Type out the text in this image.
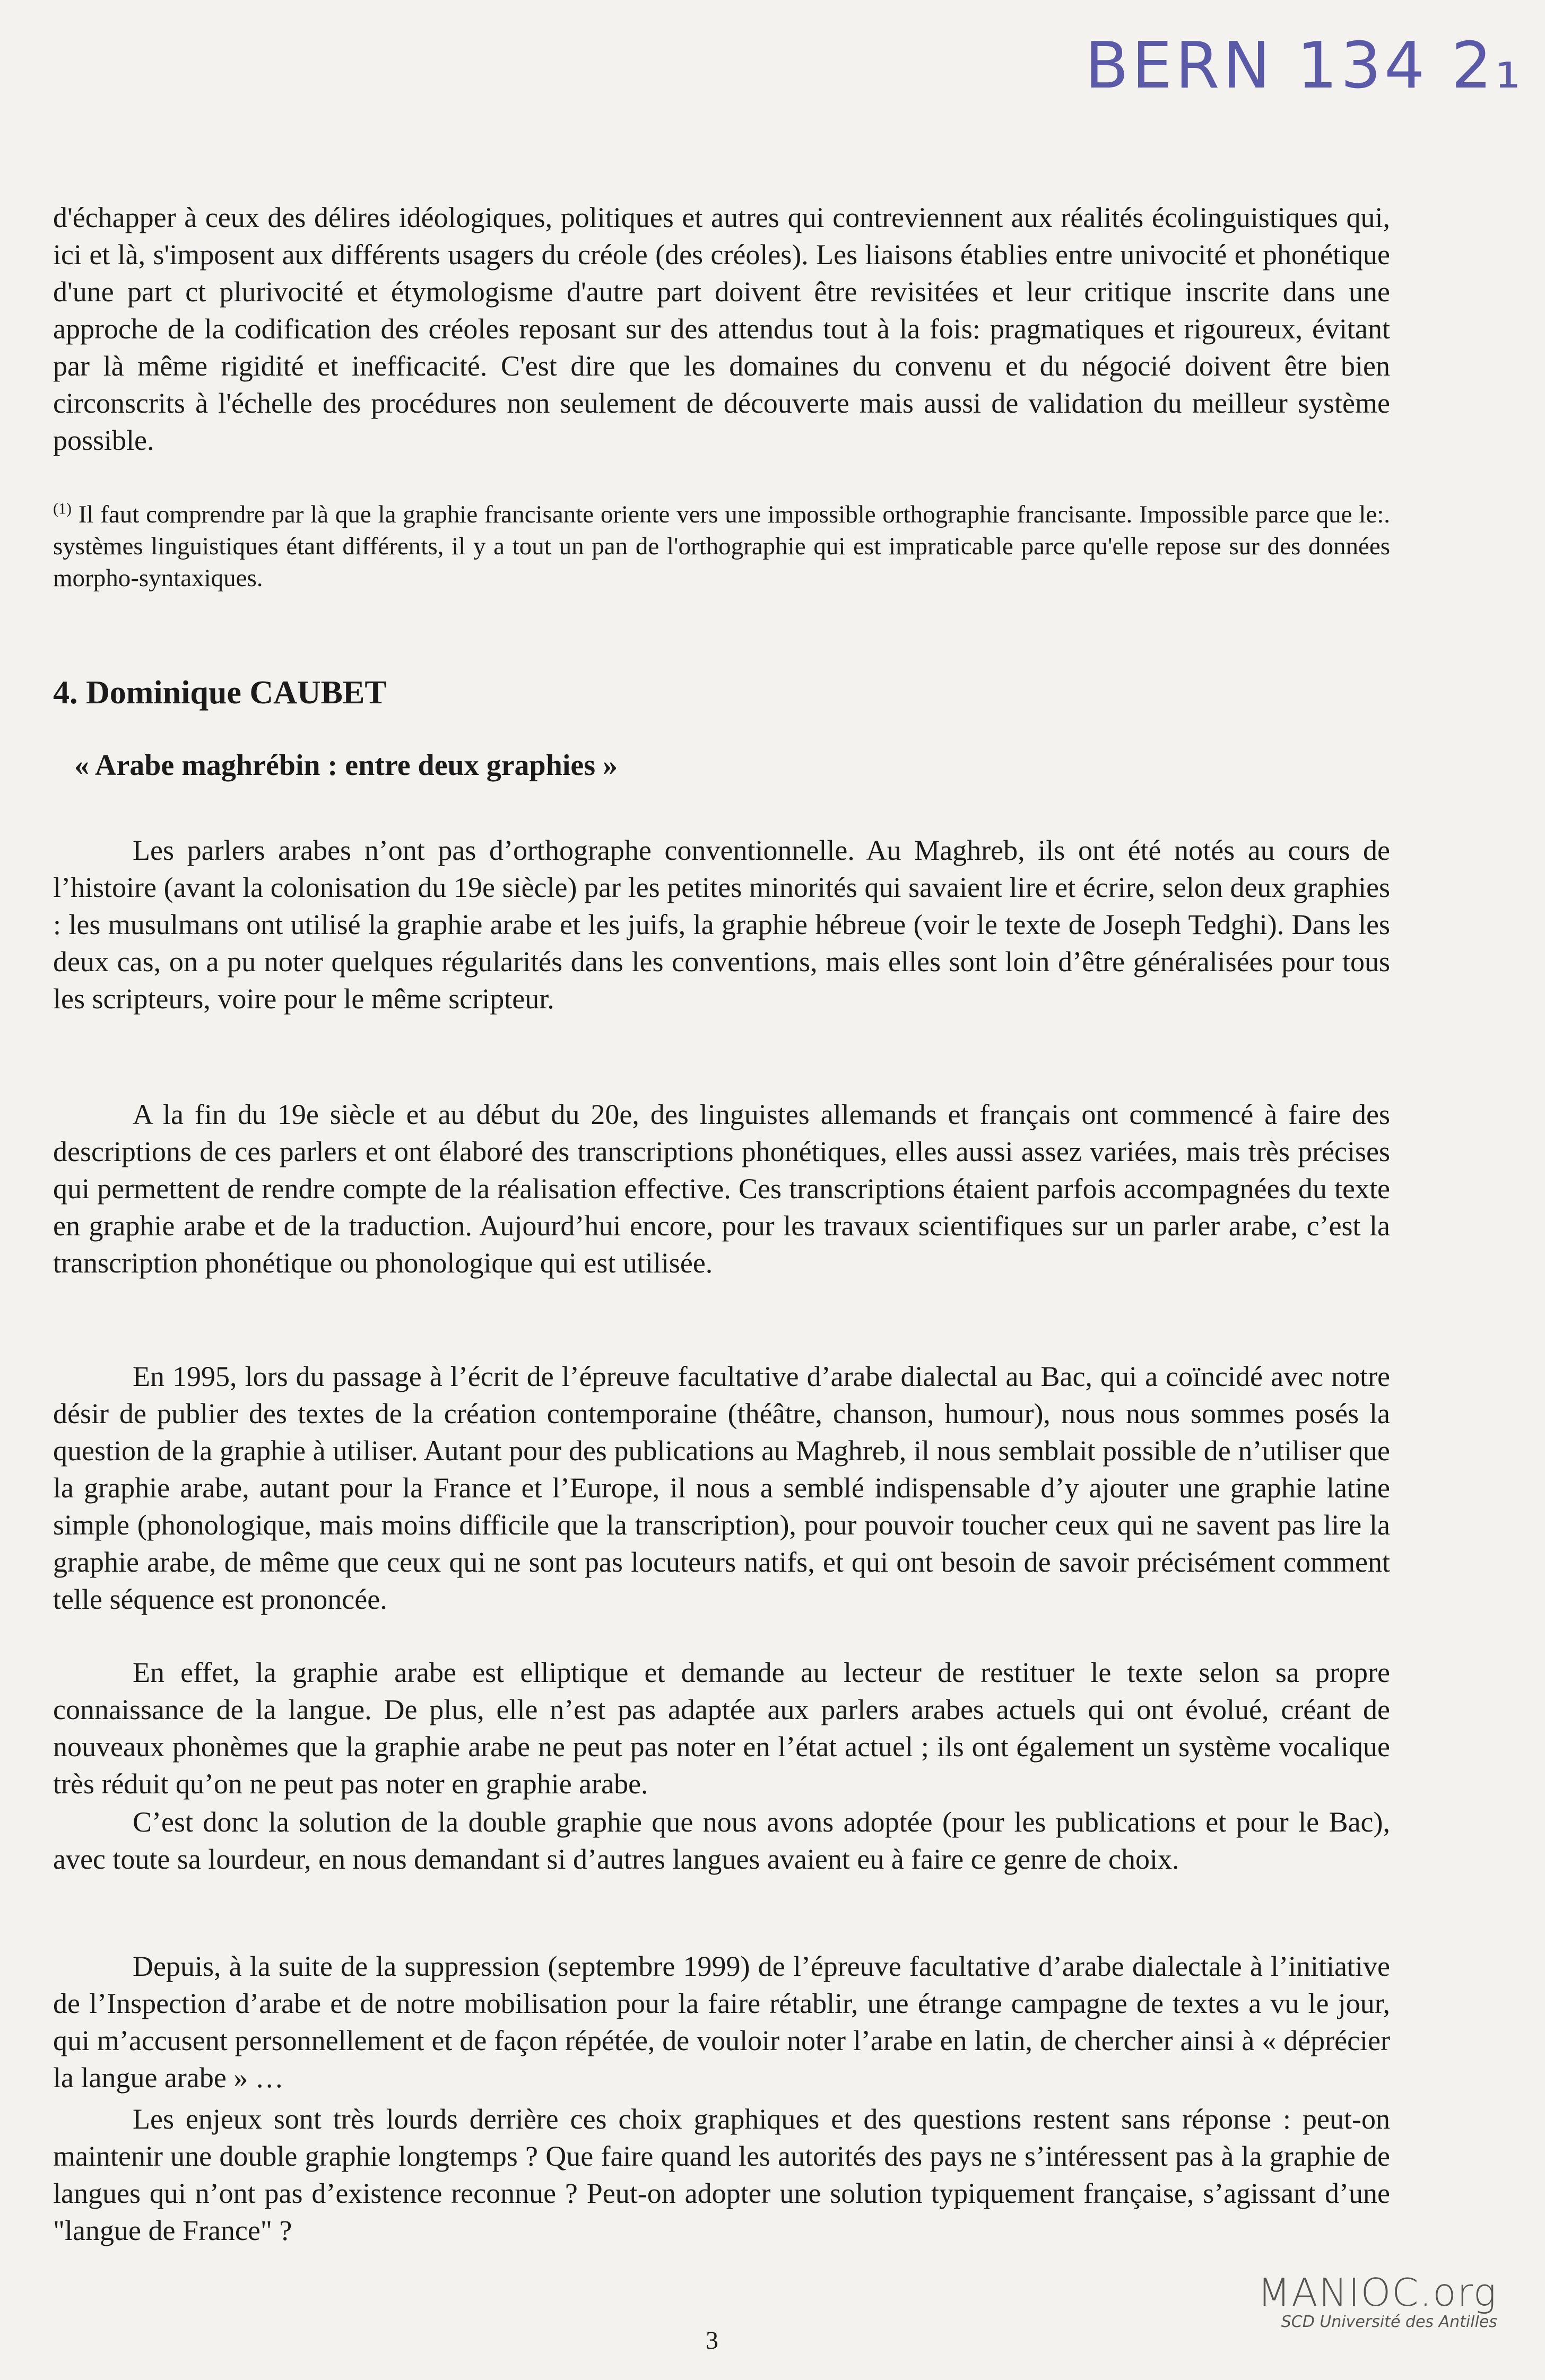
BERN 134 2₁

d'échapper à ceux des délires idéologiques, politiques et autres qui contreviennent aux réalités écolinguistiques qui, ici et là, s'imposent aux différents usagers du créole (des créoles). Les liaisons établies entre univocité et phonétique d'une part ct plurivocité et étymologisme d'autre part doivent être revisitées et leur critique inscrite dans une approche de la codification des créoles reposant sur des attendus tout à la fois: pragmatiques et rigoureux, évitant par là même rigidité et inefficacité. C'est dire que les domaines du convenu et du négocié doivent être bien circonscrits à l'échelle des procédures non seulement de découverte mais aussi de validation du meilleur système possible.

$^{(1)}$ Il faut comprendre par là que la graphie francisante oriente vers une impossible orthographie francisante. Impossible parce que le:. systèmes linguistiques étant différents, il y a tout un pan de l'orthographie qui est impraticable parce qu'elle repose sur des données morpho-syntaxiques.

4. Dominique CAUBET
« Arabe maghrébin : entre deux graphies »

Les parlers arabes n’ont pas d’orthographe conventionnelle. Au Maghreb, ils ont été notés au cours de l’histoire (avant la colonisation du 19e siècle) par les petites minorités qui savaient lire et écrire, selon deux graphies : les musulmans ont utilisé la graphie arabe et les juifs, la graphie hébreue (voir le texte de Joseph Tedghi). Dans les deux cas, on a pu noter quelques régularités dans les conventions, mais elles sont loin d’être généralisées pour tous les scripteurs, voire pour le même scripteur.

A la fin du 19e siècle et au début du 20e, des linguistes allemands et français ont commencé à faire des descriptions de ces parlers et ont élaboré des transcriptions phonétiques, elles aussi assez variées, mais très précises qui permettent de rendre compte de la réalisation effective. Ces transcriptions étaient parfois accompagnées du texte en graphie arabe et de la traduction. Aujourd’hui encore, pour les travaux scientifiques sur un parler arabe, c’est la transcription phonétique ou phonologique qui est utilisée.

En 1995, lors du passage à l’écrit de l’épreuve facultative d’arabe dialectal au Bac, qui a coïncidé avec notre désir de publier des textes de la création contemporaine (théâtre, chanson, humour), nous nous sommes posés la question de la graphie à utiliser. Autant pour des publications au Maghreb, il nous semblait possible de n’utiliser que la graphie arabe, autant pour la France et l’Europe, il nous a semblé indispensable d’y ajouter une graphie latine simple (phonologique, mais moins difficile que la transcription), pour pouvoir toucher ceux qui ne savent pas lire la graphie arabe, de même que ceux qui ne sont pas locuteurs natifs, et qui ont besoin de savoir précisément comment telle séquence est prononcée.

En effet, la graphie arabe est elliptique et demande au lecteur de restituer le texte selon sa propre connaissance de la langue. De plus, elle n’est pas adaptée aux parlers arabes actuels qui ont évolué, créant de nouveaux phonèmes que la graphie arabe ne peut pas noter en l’état actuel ; ils ont également un système vocalique très réduit qu’on ne peut pas noter en graphie arabe.

C’est donc la solution de la double graphie que nous avons adoptée (pour les publications et pour le Bac), avec toute sa lourdeur, en nous demandant si d’autres langues avaient eu à faire ce genre de choix.

Depuis, à la suite de la suppression (septembre 1999) de l’épreuve facultative d’arabe dialectale à l’initiative de l’Inspection d’arabe et de notre mobilisation pour la faire rétablir, une étrange campagne de textes a vu le jour, qui m’accusent personnellement et de façon répétée, de vouloir noter l’arabe en latin, de chercher ainsi à « déprécier la langue arabe » …

Les enjeux sont très lourds derrière ces choix graphiques et des questions restent sans réponse : peut-on maintenir une double graphie longtemps ? Que faire quand les autorités des pays ne s’intéressent pas à la graphie de langues qui n’ont pas d’existence reconnue ? Peut-on adopter une solution typiquement française, s’agissant d’une "langue de France" ?

MANIOC.org
SCD Université des Antilles
3
